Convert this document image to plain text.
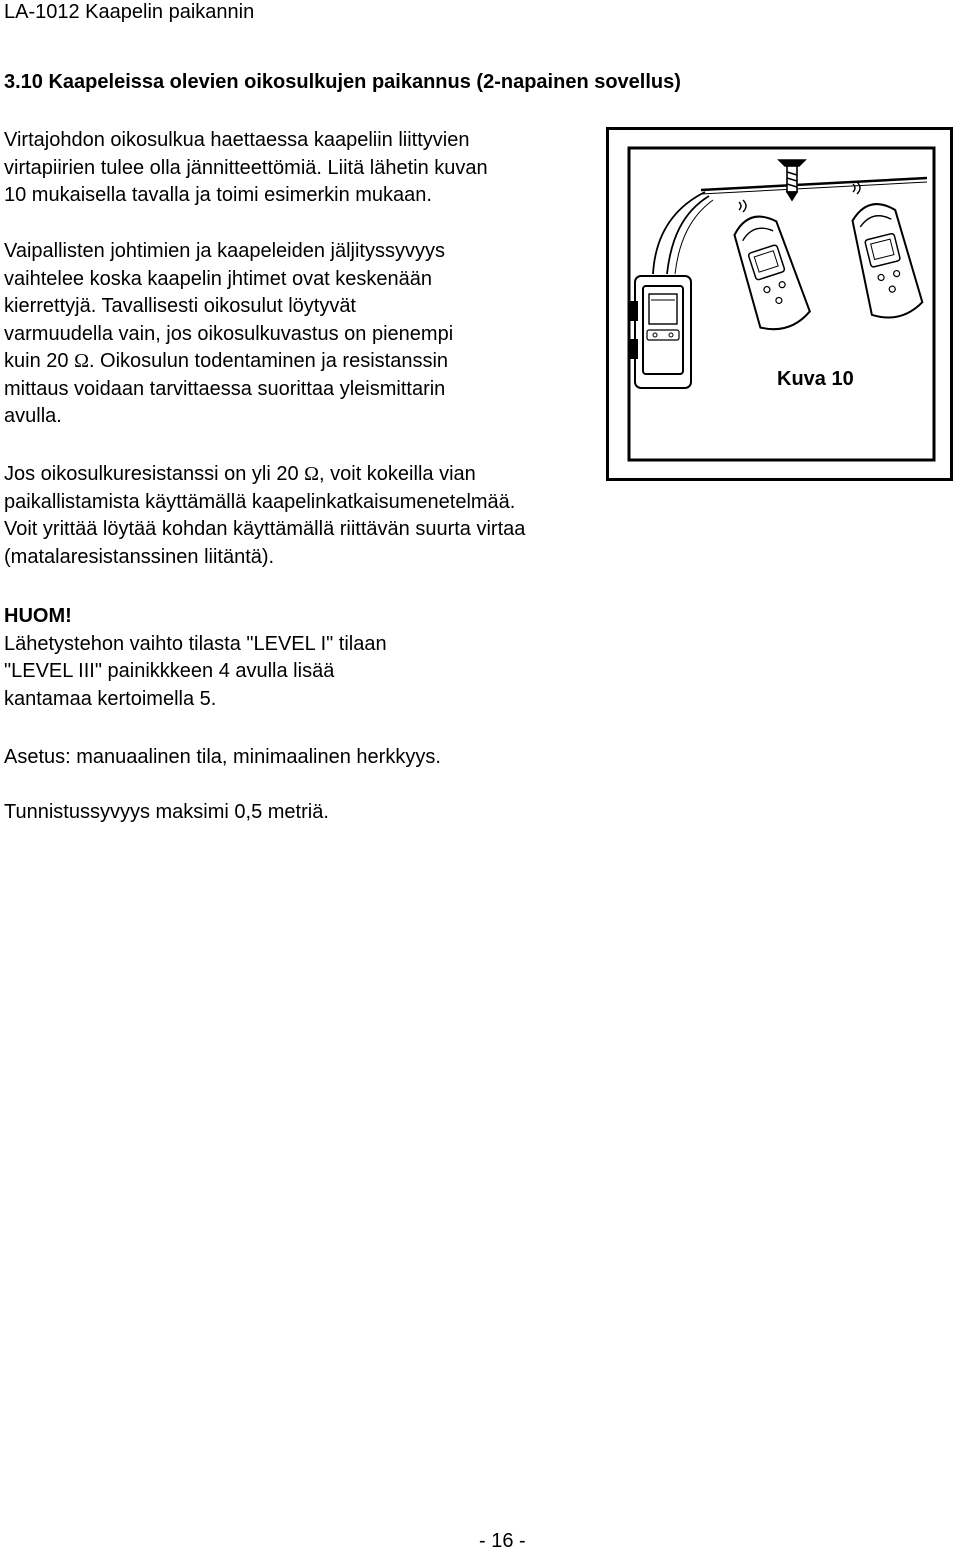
LA-1012 Kaapelin paikannin
3.10 Kaapeleissa olevien oikosulkujen paikannus (2-napainen sovellus)
Virtajohdon oikosulkua haettaessa kaapeliin liittyvien
virtapiirien tulee olla jännitteettömiä. Liitä lähetin kuvan
10 mukaisella tavalla ja toimi esimerkin mukaan.
Vaipallisten johtimien ja kaapeleiden jäljityssyvyys
vaihtelee koska kaapelin jhtimet ovat keskenään
kierrettyjä. Tavallisesti oikosulut löytyvät
varmuudella vain, jos oikosulkuvastus on pienempi
kuin 20 Ω. Oikosulun todentaminen ja resistanssin
mittaus voidaan tarvittaessa suorittaa yleismittarin
avulla.
Jos oikosulkuresistanssi on yli 20 Ω, voit kokeilla vian
paikallistamista käyttämällä kaapelinkatkaisumenetelmää.
Voit yrittää löytää kohdan käyttämällä riittävän suurta virtaa
(matalaresistanssinen liitäntä).
HUOM!
Lähetystehon vaihto tilasta "LEVEL I" tilaan
"LEVEL III" painikkkeen 4 avulla lisää
kantamaa kertoimella 5.
Asetus: manuaalinen tila, minimaalinen herkkyys.
Tunnistussyvyys maksimi 0,5 metriä.
Kuva 10
- 16 -
